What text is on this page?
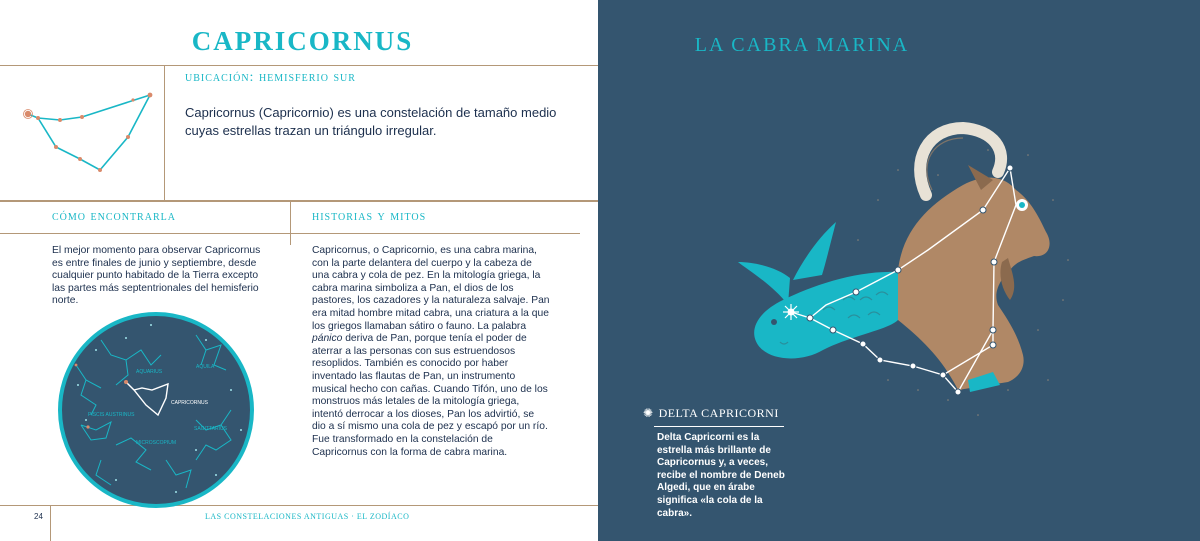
CAPRICORNUS
ubicación: hemisferio sur
Capricornus (Capricornio) es una constelación de tamaño medio cuyas estrellas trazan un triángulo irregular.
cómo encontrarla
El mejor momento para observar Capricornus es entre finales de junio y septiembre, desde cualquier punto habitado de la Tierra excepto las partes más septentrionales del hemisferio norte.
historias y mitos
Capricornus, o Capricornio, es una cabra marina, con la parte delantera del cuerpo y la cabeza de una cabra y cola de pez. En la mitología griega, la cabra marina simboliza a Pan, el dios de los pastores, los cazadores y la naturaleza salvaje. Pan era mitad hombre mitad cabra, una criatura a la que los griegos llamaban sátiro o fauno. La palabra pánico deriva de Pan, porque tenía el poder de aterrar a las personas con sus estruendosos resoplidos. También es conocido por haber inventado las flautas de Pan, un instrumento musical hecho con cañas. Cuando Tifón, uno de los monstruos más letales de la mitología griega, intentó derrocar a los dioses, Pan los advirtió, se dio a sí mismo una cola de pez y escapó por un río. Fue transformado en la constelación de Capricornus con la forma de cabra marina.
AQUARIUS
AQUILA
CAPRICORNUS
PISCIS AUSTRINUS
SAGITTARIUS
MICROSCOPIUM
24	LAS CONSTELACIONES ANTIGUAS · EL ZODÍACO
LA CABRA MARINA
✺ DELTA CAPRICORNI
Delta Capricorni es la estrella más brillante de Capricornus y, a veces, recibe el nombre de Deneb Algedi, que en árabe significa «la cola de la cabra».
